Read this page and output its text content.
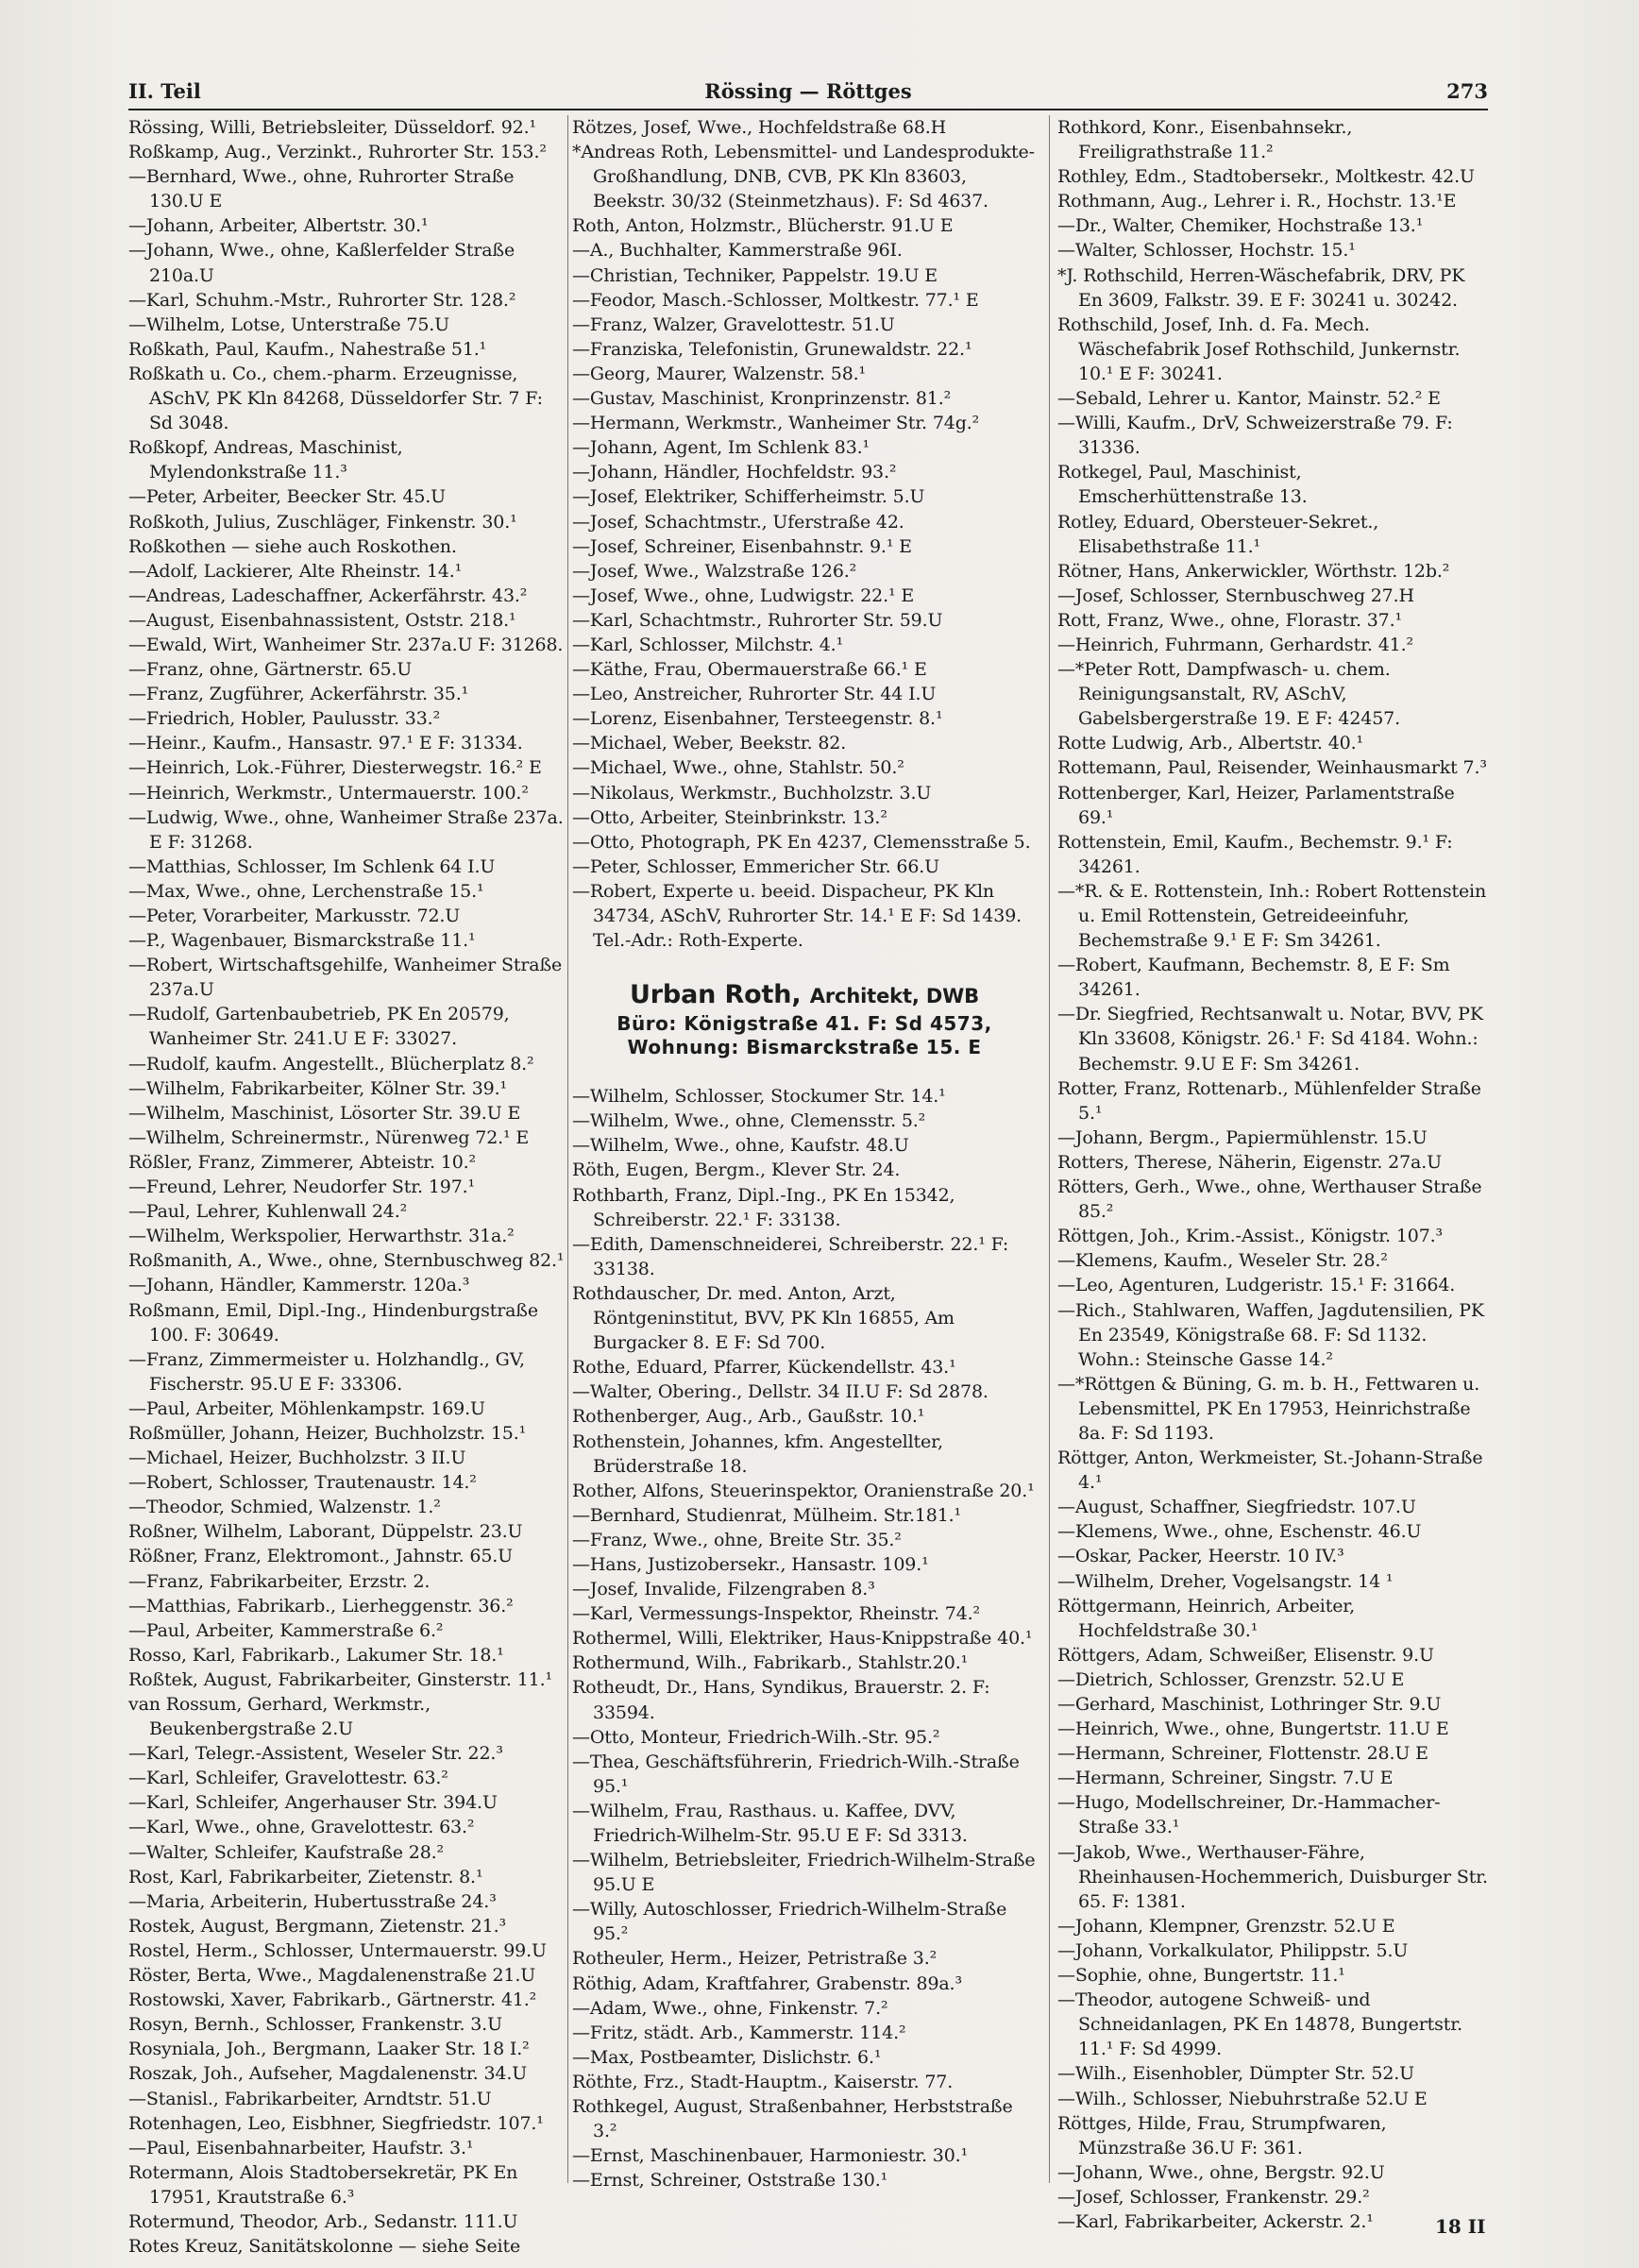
II. Teil	Rössing — Röttges	273

Rössing, Willi, Betriebsleiter, Düsseldorf. 92.¹

Roßkamp, Aug., Verzinkt., Ruhrorter Str. 153.²

—Bernhard, Wwe., ohne, Ruhrorter Straße 130.U E

—Johann, Arbeiter, Albertstr. 30.¹

—Johann, Wwe., ohne, Kaßlerfelder Straße 210a.U

—Karl, Schuhm.-Mstr., Ruhrorter Str. 128.²

—Wilhelm, Lotse, Unterstraße 75.U

Roßkath, Paul, Kaufm., Nahestraße 51.¹

Roßkath u. Co., chem.-pharm. Erzeugnisse, ASchV, PK Kln 84268, Düsseldorfer Str. 7 F: Sd 3048.

Roßkopf, Andreas, Maschinist, Mylendonkstraße 11.³

—Peter, Arbeiter, Beecker Str. 45.U

Roßkoth, Julius, Zuschläger, Finkenstr. 30.¹

Roßkothen — siehe auch Roskothen.

—Adolf, Lackierer, Alte Rheinstr. 14.¹

—Andreas, Ladeschaffner, Ackerfährstr. 43.²

—August, Eisenbahnassistent, Oststr. 218.¹

—Ewald, Wirt, Wanheimer Str. 237a.U F: 31268.

—Franz, ohne, Gärtnerstr. 65.U

—Franz, Zugführer, Ackerfährstr. 35.¹

—Friedrich, Hobler, Paulusstr. 33.²

—Heinr., Kaufm., Hansastr. 97.¹ E F: 31334.

—Heinrich, Lok.-Führer, Diesterwegstr. 16.² E

—Heinrich, Werkmstr., Untermauerstr. 100.²

—Ludwig, Wwe., ohne, Wanheimer Straße 237a. E F: 31268.

—Matthias, Schlosser, Im Schlenk 64 I.U

—Max, Wwe., ohne, Lerchenstraße 15.¹

—Peter, Vorarbeiter, Markusstr. 72.U

—P., Wagenbauer, Bismarckstraße 11.¹

—Robert, Wirtschaftsgehilfe, Wanheimer Straße 237a.U

—Rudolf, Gartenbaubetrieb, PK En 20579, Wanheimer Str. 241.U E F: 33027.

—Rudolf, kaufm. Angestellt., Blücherplatz 8.²

—Wilhelm, Fabrikarbeiter, Kölner Str. 39.¹

—Wilhelm, Maschinist, Lösorter Str. 39.U E

—Wilhelm, Schreinermstr., Nürenweg 72.¹ E

Rößler, Franz, Zimmerer, Abteistr. 10.²

—Freund, Lehrer, Neudorfer Str. 197.¹

—Paul, Lehrer, Kuhlenwall 24.²

—Wilhelm, Werkspolier, Herwarthstr. 31a.²

Roßmanith, A., Wwe., ohne, Sternbuschweg 82.¹

—Johann, Händler, Kammerstr. 120a.³

Roßmann, Emil, Dipl.-Ing., Hindenburgstraße 100. F: 30649.

—Franz, Zimmermeister u. Holzhandlg., GV, Fischerstr. 95.U E F: 33306.

—Paul, Arbeiter, Möhlenkampstr. 169.U

Roßmüller, Johann, Heizer, Buchholzstr. 15.¹

—Michael, Heizer, Buchholzstr. 3 II.U

—Robert, Schlosser, Trautenaustr. 14.²

—Theodor, Schmied, Walzenstr. 1.²

Roßner, Wilhelm, Laborant, Düppelstr. 23.U

Rößner, Franz, Elektromont., Jahnstr. 65.U

—Franz, Fabrikarbeiter, Erzstr. 2.

—Matthias, Fabrikarb., Lierheggenstr. 36.²

—Paul, Arbeiter, Kammerstraße 6.²

Rosso, Karl, Fabrikarb., Lakumer Str. 18.¹

Roßtek, August, Fabrikarbeiter, Ginsterstr. 11.¹

van Rossum, Gerhard, Werkmstr., Beukenbergstraße 2.U

—Karl, Telegr.-Assistent, Weseler Str. 22.³

—Karl, Schleifer, Gravelottestr. 63.²

—Karl, Schleifer, Angerhauser Str. 394.U

—Karl, Wwe., ohne, Gravelottestr. 63.²

—Walter, Schleifer, Kaufstraße 28.²

Rost, Karl, Fabrikarbeiter, Zietenstr. 8.¹

—Maria, Arbeiterin, Hubertusstraße 24.³

Rostek, August, Bergmann, Zietenstr. 21.³

Rostel, Herm., Schlosser, Untermauerstr. 99.U

Röster, Berta, Wwe., Magdalenenstraße 21.U

Rostowski, Xaver, Fabrikarb., Gärtnerstr. 41.²

Rosyn, Bernh., Schlosser, Frankenstr. 3.U

Rosyniala, Joh., Bergmann, Laaker Str. 18 I.²

Roszak, Joh., Aufseher, Magdalenenstr. 34.U

—Stanisl., Fabrikarbeiter, Arndtstr. 51.U

Rotenhagen, Leo, Eisbhner, Siegfriedstr. 107.¹

—Paul, Eisenbahnarbeiter, Haufstr. 3.¹

Rotermann, Alois Stadtobersekretär, PK En 17951, Krautstraße 6.³

Rotermund, Theodor, Arb., Sedanstr. 111.U

Rotes Kreuz, Sanitätskolonne — siehe Seite

Rötzes, Josef, Wwe., Hochfeldstraße 68.H

*Andreas Roth, Lebensmittel- und Landesprodukte-Großhandlung, DNB, CVB, PK Kln 83603, Beekstr. 30/32 (Steinmetzhaus). F: Sd 4637.

Roth, Anton, Holzmstr., Blücherstr. 91.U E

—A., Buchhalter, Kammerstraße 96I.

—Christian, Techniker, Pappelstr. 19.U E

—Feodor, Masch.-Schlosser, Moltkestr. 77.¹ E

—Franz, Walzer, Gravelottestr. 51.U

—Franziska, Telefonistin, Grunewaldstr. 22.¹

—Georg, Maurer, Walzenstr. 58.¹

—Gustav, Maschinist, Kronprinzenstr. 81.²

—Hermann, Werkmstr., Wanheimer Str. 74g.²

—Johann, Agent, Im Schlenk 83.¹

—Johann, Händler, Hochfeldstr. 93.²

—Josef, Elektriker, Schifferheimstr. 5.U

—Josef, Schachtmstr., Uferstraße 42.

—Josef, Schreiner, Eisenbahnstr. 9.¹ E

—Josef, Wwe., Walzstraße 126.²

—Josef, Wwe., ohne, Ludwigstr. 22.¹ E

—Karl, Schachtmstr., Ruhrorter Str. 59.U

—Karl, Schlosser, Milchstr. 4.¹

—Käthe, Frau, Obermauerstraße 66.¹ E

—Leo, Anstreicher, Ruhrorter Str. 44 I.U

—Lorenz, Eisenbahner, Tersteegenstr. 8.¹

—Michael, Weber, Beekstr. 82.

—Michael, Wwe., ohne, Stahlstr. 50.²

—Nikolaus, Werkmstr., Buchholzstr. 3.U

—Otto, Arbeiter, Steinbrinkstr. 13.²

—Otto, Photograph, PK En 4237, Clemensstraße 5.

—Peter, Schlosser, Emmericher Str. 66.U

—Robert, Experte u. beeid. Dispacheur, PK Kln 34734, ASchV, Ruhrorter Str. 14.¹ E F: Sd 1439. Tel.-Adr.: Roth-Experte.

Urban Roth, Architekt, DWB
Büro: Königstraße 41. F: Sd 4573,
Wohnung: Bismarckstraße 15. E

—Wilhelm, Schlosser, Stockumer Str. 14.¹

—Wilhelm, Wwe., ohne, Clemensstr. 5.²

—Wilhelm, Wwe., ohne, Kaufstr. 48.U

Röth, Eugen, Bergm., Klever Str. 24.

Rothbarth, Franz, Dipl.-Ing., PK En 15342, Schreiberstr. 22.¹ F: 33138.

—Edith, Damenschneiderei, Schreiberstr. 22.¹ F: 33138.

Rothdauscher, Dr. med. Anton, Arzt, Röntgeninstitut, BVV, PK Kln 16855, Am Burgacker 8. E F: Sd 700.

Rothe, Eduard, Pfarrer, Kückendellstr. 43.¹

—Walter, Obering., Dellstr. 34 II.U F: Sd 2878.

Rothenberger, Aug., Arb., Gaußstr. 10.¹

Rothenstein, Johannes, kfm. Angestellter, Brüderstraße 18.

Rother, Alfons, Steuerinspektor, Oranienstraße 20.¹

—Bernhard, Studienrat, Mülheim. Str.181.¹

—Franz, Wwe., ohne, Breite Str. 35.²

—Hans, Justizobersekr., Hansastr. 109.¹

—Josef, Invalide, Filzengraben 8.³

—Karl, Vermessungs-Inspektor, Rheinstr. 74.²

Rothermel, Willi, Elektriker, Haus-Knippstraße 40.¹

Rothermund, Wilh., Fabrikarb., Stahlstr.20.¹

Rotheudt, Dr., Hans, Syndikus, Brauerstr. 2. F: 33594.

—Otto, Monteur, Friedrich-Wilh.-Str. 95.²

—Thea, Geschäftsführerin, Friedrich-Wilh.-Straße 95.¹

—Wilhelm, Frau, Rasthaus. u. Kaffee, DVV, Friedrich-Wilhelm-Str. 95.U E F: Sd 3313.

—Wilhelm, Betriebsleiter, Friedrich-Wilhelm-Straße 95.U E

—Willy, Autoschlosser, Friedrich-Wilhelm-Straße 95.²

Rotheuler, Herm., Heizer, Petristraße 3.²

Röthig, Adam, Kraftfahrer, Grabenstr. 89a.³

—Adam, Wwe., ohne, Finkenstr. 7.²

—Fritz, städt. Arb., Kammerstr. 114.²

—Max, Postbeamter, Dislichstr. 6.¹

Röthte, Frz., Stadt-Hauptm., Kaiserstr. 77.

Rothkegel, August, Straßenbahner, Herbststraße 3.²

—Ernst, Maschinenbauer, Harmoniestr. 30.¹

—Ernst, Schreiner, Oststraße 130.¹

Rothkord, Konr., Eisenbahnsekr., Freiligrathstraße 11.²

Rothley, Edm., Stadtobersekr., Moltkestr. 42.U

Rothmann, Aug., Lehrer i. R., Hochstr. 13.¹E

—Dr., Walter, Chemiker, Hochstraße 13.¹

—Walter, Schlosser, Hochstr. 15.¹

*J. Rothschild, Herren-Wäschefabrik, DRV, PK En 3609, Falkstr. 39. E F: 30241 u. 30242.

Rothschild, Josef, Inh. d. Fa. Mech. Wäschefabrik Josef Rothschild, Junkernstr. 10.¹ E F: 30241.

—Sebald, Lehrer u. Kantor, Mainstr. 52.² E

—Willi, Kaufm., DrV, Schweizerstraße 79. F: 31336.

Rotkegel, Paul, Maschinist, Emscherhüttenstraße 13.

Rotley, Eduard, Obersteuer-Sekret., Elisabethstraße 11.¹

Rötner, Hans, Ankerwickler, Wörthstr. 12b.²

—Josef, Schlosser, Sternbuschweg 27.H

Rott, Franz, Wwe., ohne, Florastr. 37.¹

—Heinrich, Fuhrmann, Gerhardstr. 41.²

—*Peter Rott, Dampfwasch- u. chem. Reinigungsanstalt, RV, ASchV, Gabelsbergerstraße 19. E F: 42457.

Rotte Ludwig, Arb., Albertstr. 40.¹

Rottemann, Paul, Reisender, Weinhausmarkt 7.³

Rottenberger, Karl, Heizer, Parlamentstraße 69.¹

Rottenstein, Emil, Kaufm., Bechemstr. 9.¹ F: 34261.

—*R. & E. Rottenstein, Inh.: Robert Rottenstein u. Emil Rottenstein, Getreideeinfuhr, Bechemstraße 9.¹ E F: Sm 34261.

—Robert, Kaufmann, Bechemstr. 8, E F: Sm 34261.

—Dr. Siegfried, Rechtsanwalt u. Notar, BVV, PK Kln 33608, Königstr. 26.¹ F: Sd 4184. Wohn.: Bechemstr. 9.U E F: Sm 34261.

Rotter, Franz, Rottenarb., Mühlenfelder Straße 5.¹

—Johann, Bergm., Papiermühlenstr. 15.U

Rotters, Therese, Näherin, Eigenstr. 27a.U

Rötters, Gerh., Wwe., ohne, Werthauser Straße 85.²

Röttgen, Joh., Krim.-Assist., Königstr. 107.³

—Klemens, Kaufm., Weseler Str. 28.²

—Leo, Agenturen, Ludgeristr. 15.¹ F: 31664.

—Rich., Stahlwaren, Waffen, Jagdutensilien, PK En 23549, Königstraße 68. F: Sd 1132. Wohn.: Steinsche Gasse 14.²

—*Röttgen & Büning, G. m. b. H., Fettwaren u. Lebensmittel, PK En 17953, Heinrichstraße 8a. F: Sd 1193.

Röttger, Anton, Werkmeister, St.-Johann-Straße 4.¹

—August, Schaffner, Siegfriedstr. 107.U

—Klemens, Wwe., ohne, Eschenstr. 46.U

—Oskar, Packer, Heerstr. 10 IV.³

—Wilhelm, Dreher, Vogelsangstr. 14 ¹

Röttgermann, Heinrich, Arbeiter, Hochfeldstraße 30.¹

Röttgers, Adam, Schweißer, Elisenstr. 9.U

—Dietrich, Schlosser, Grenzstr. 52.U E

—Gerhard, Maschinist, Lothringer Str. 9.U

—Heinrich, Wwe., ohne, Bungertstr. 11.U E

—Hermann, Schreiner, Flottenstr. 28.U E

—Hermann, Schreiner, Singstr. 7.U E

—Hugo, Modellschreiner, Dr.-Hammacher-Straße 33.¹

—Jakob, Wwe., Werthauser-Fähre, Rheinhausen-Hochemmerich, Duisburger Str. 65. F: 1381.

—Johann, Klempner, Grenzstr. 52.U E

—Johann, Vorkalkulator, Philippstr. 5.U

—Sophie, ohne, Bungertstr. 11.¹

—Theodor, autogene Schweiß- und Schneidanlagen, PK En 14878, Bungertstr. 11.¹ F: Sd 4999.

—Wilh., Eisenhobler, Dümpter Str. 52.U

—Wilh., Schlosser, Niebuhrstraße 52.U E

Röttges, Hilde, Frau, Strumpfwaren, Münzstraße 36.U F: 361.

—Johann, Wwe., ohne, Bergstr. 92.U

—Josef, Schlosser, Frankenstr. 29.²

—Karl, Fabrikarbeiter, Ackerstr. 2.¹	18 II
